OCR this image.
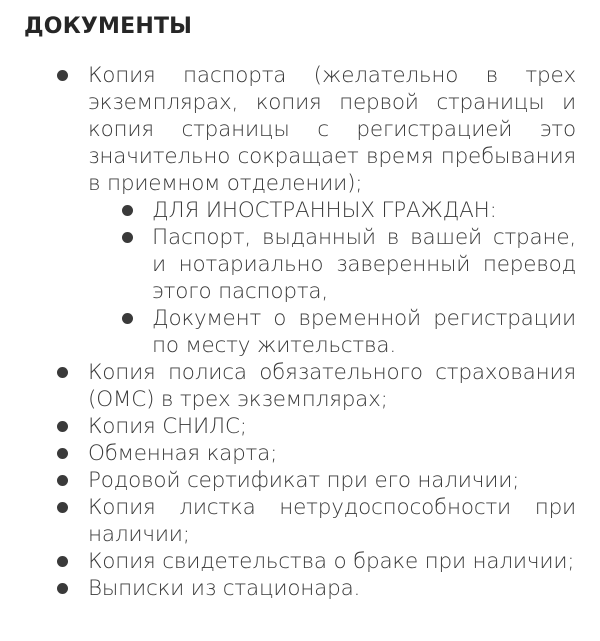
ДОКУМЕНТЫ
Копия паспорта (желательно в трех экземплярах, копия первой страницы и копия страницы с регистрацией это значительно сокращает время пребывания в приемном отделении);
ДЛЯ ИНОСТРАННЫХ ГРАЖДАН:
Паспорт, выданный в вашей стране, и нотариально заверенный перевод этого паспорта,
Документ о временной регистрации по месту жительства.
Копия полиса обязательного страхования (ОМС) в трех экземплярах;
Копия СНИЛС;
Обменная карта;
Родовой сертификат при его наличии;
Копия листка нетрудоспособности при наличии;
Копия свидетельства о браке при наличии;
Выписки из стационара.
